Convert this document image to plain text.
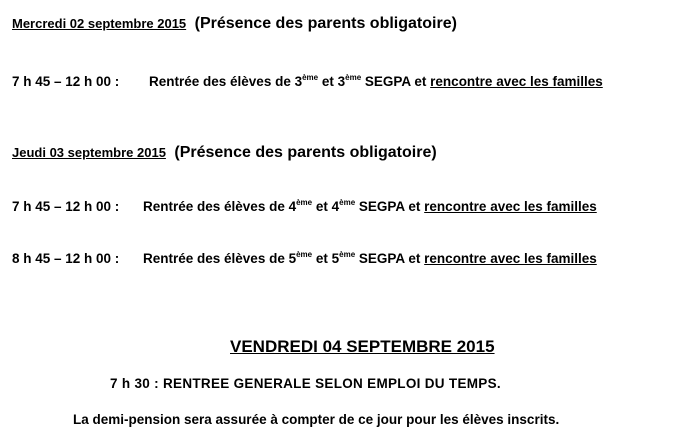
Mercredi 02 septembre 2015 (Présence des parents obligatoire)
7 h 45 – 12 h 00 : Rentrée des élèves de 3ème et 3ème SEGPA et rencontre avec les familles
Jeudi 03 septembre 2015 (Présence des parents obligatoire)
7 h 45 – 12 h 00 : Rentrée des élèves de 4ème et 4ème SEGPA et rencontre avec les familles
8 h 45 – 12 h 00 : Rentrée des élèves de 5ème et 5ème SEGPA et rencontre avec les familles
VENDREDI 04 SEPTEMBRE 2015
7 h 30 : RENTREE GENERALE SELON EMPLOI DU TEMPS.
La demi-pension sera assurée à compter de ce jour pour les élèves inscrits.
